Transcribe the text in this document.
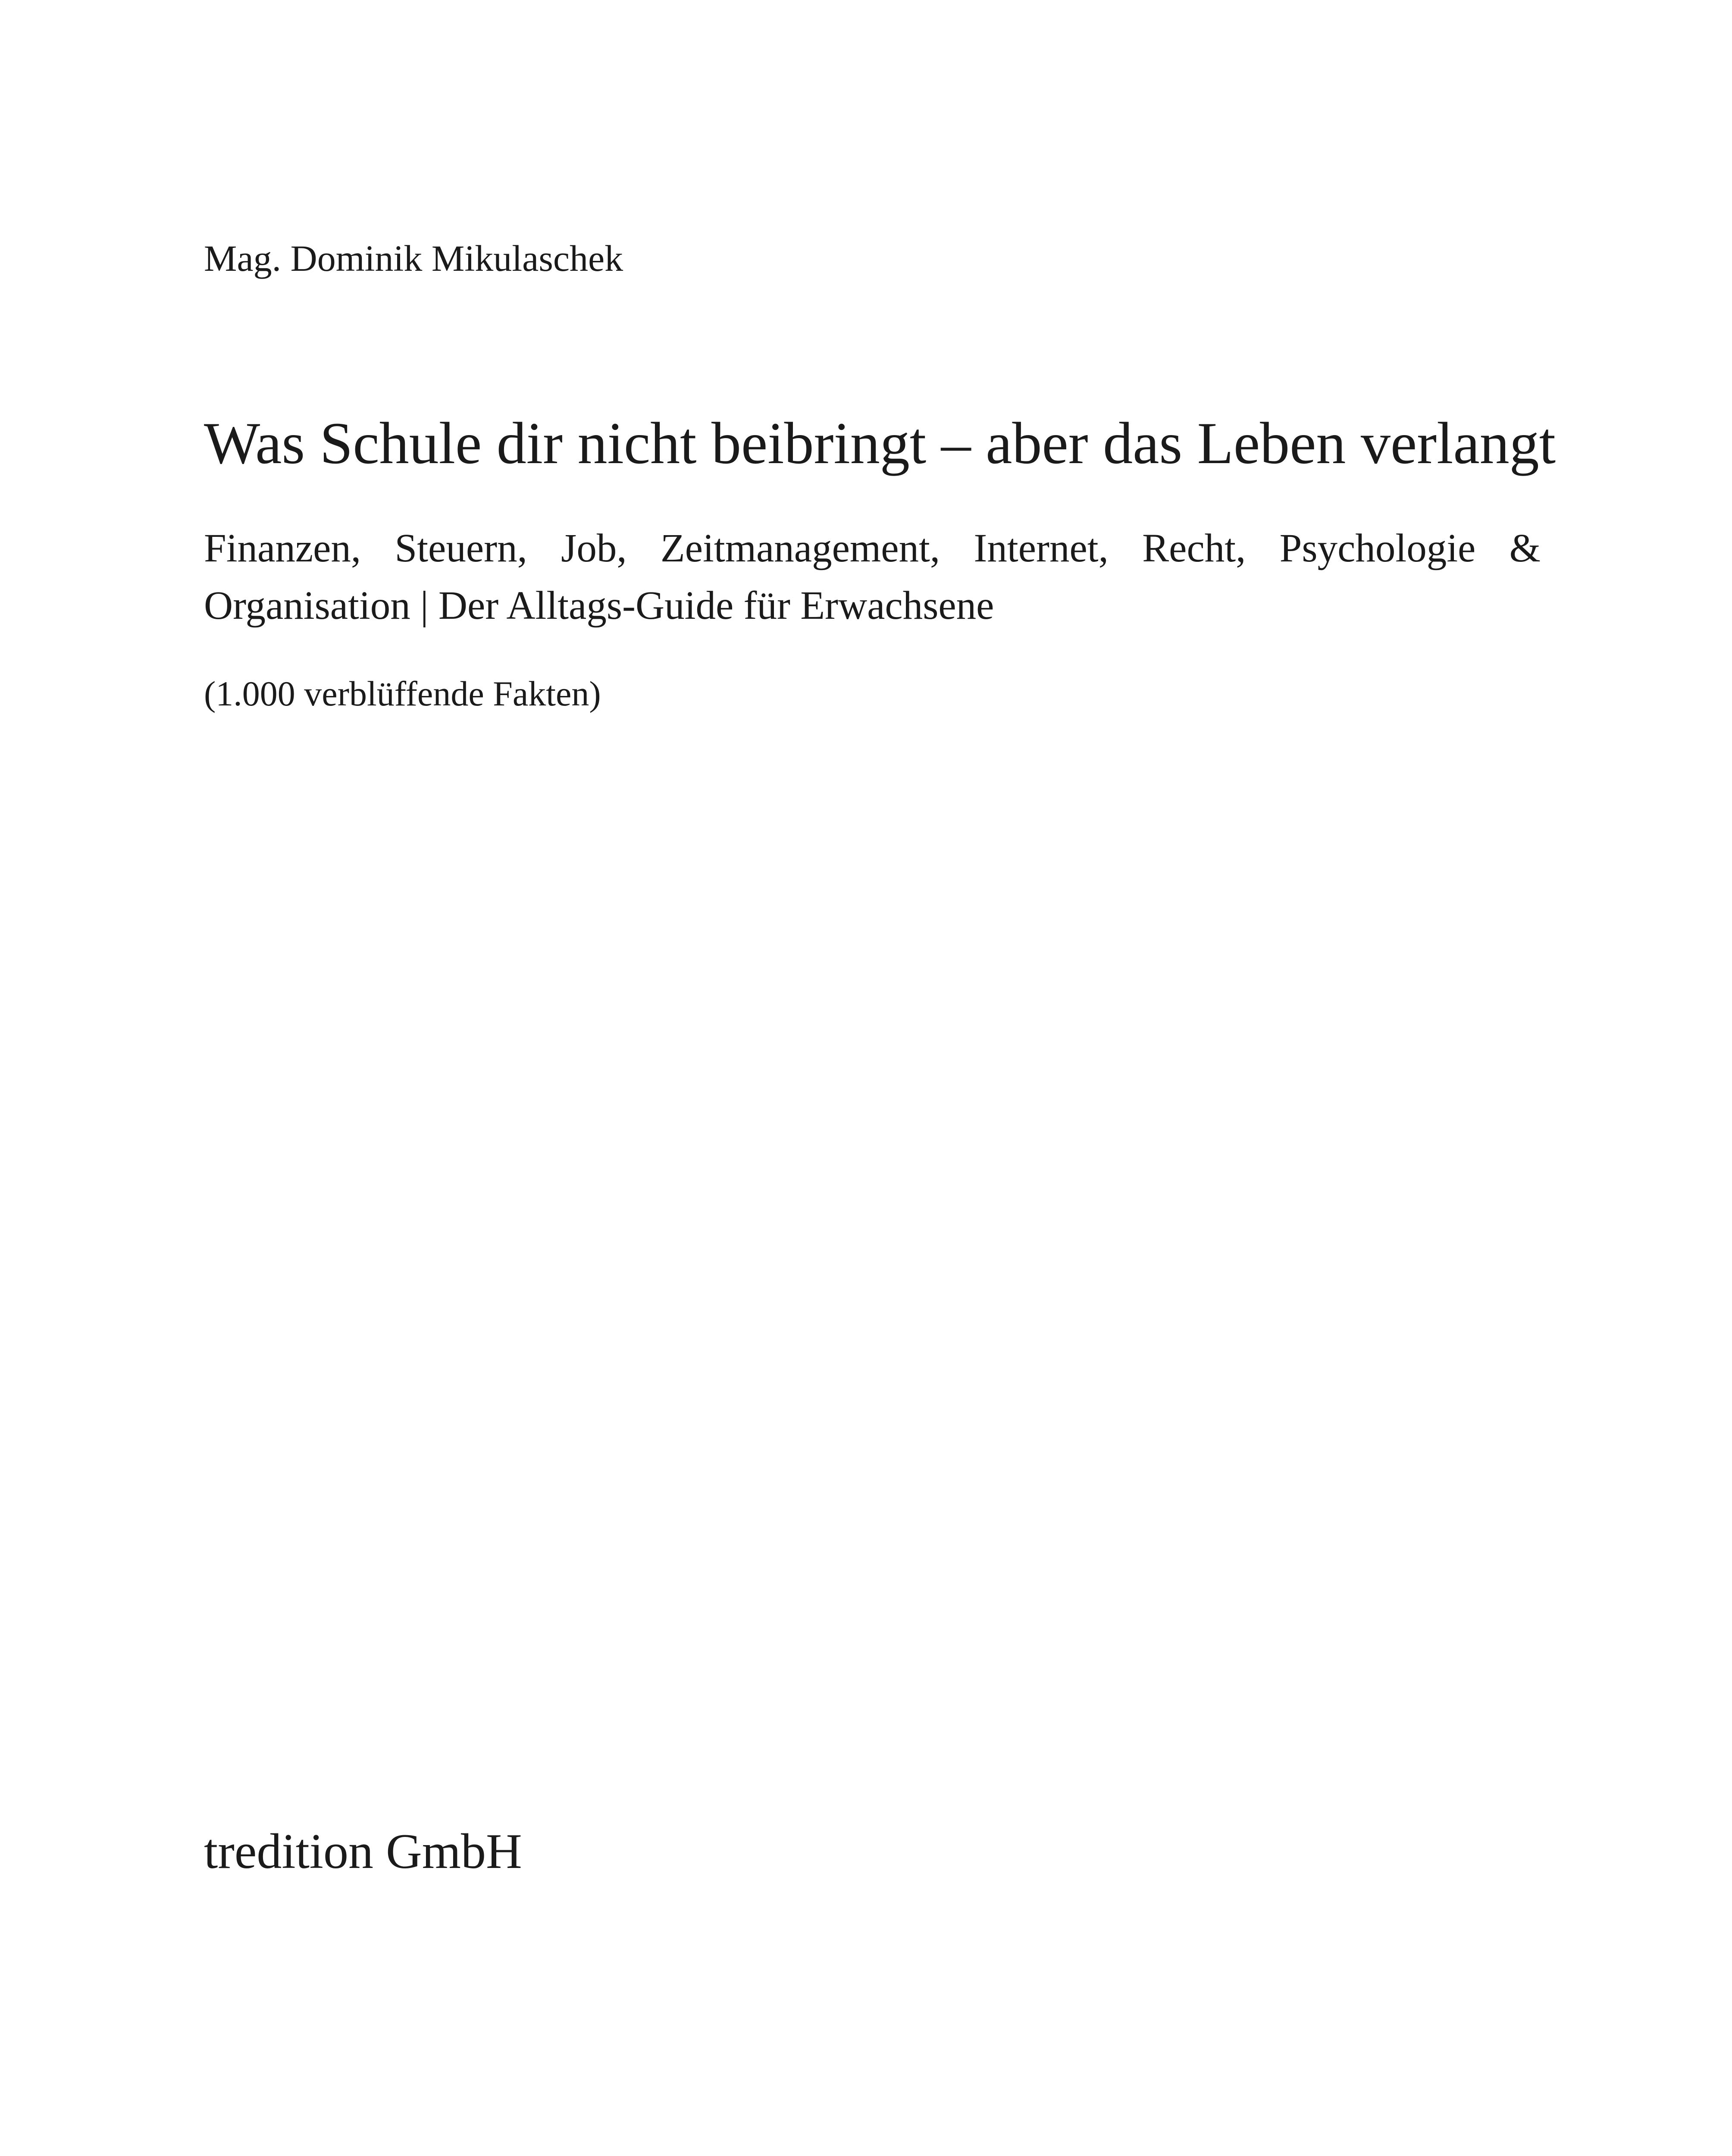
Mag. Dominik Mikulaschek
Was Schule dir nicht beibringt – aber das Leben verlangt
Finanzen, Steuern, Job, Zeitmanagement, Internet, Recht, Psychologie & Organisation | Der Alltags-Guide für Erwachsene
(1.000 verblüffende Fakten)
tredition GmbH
